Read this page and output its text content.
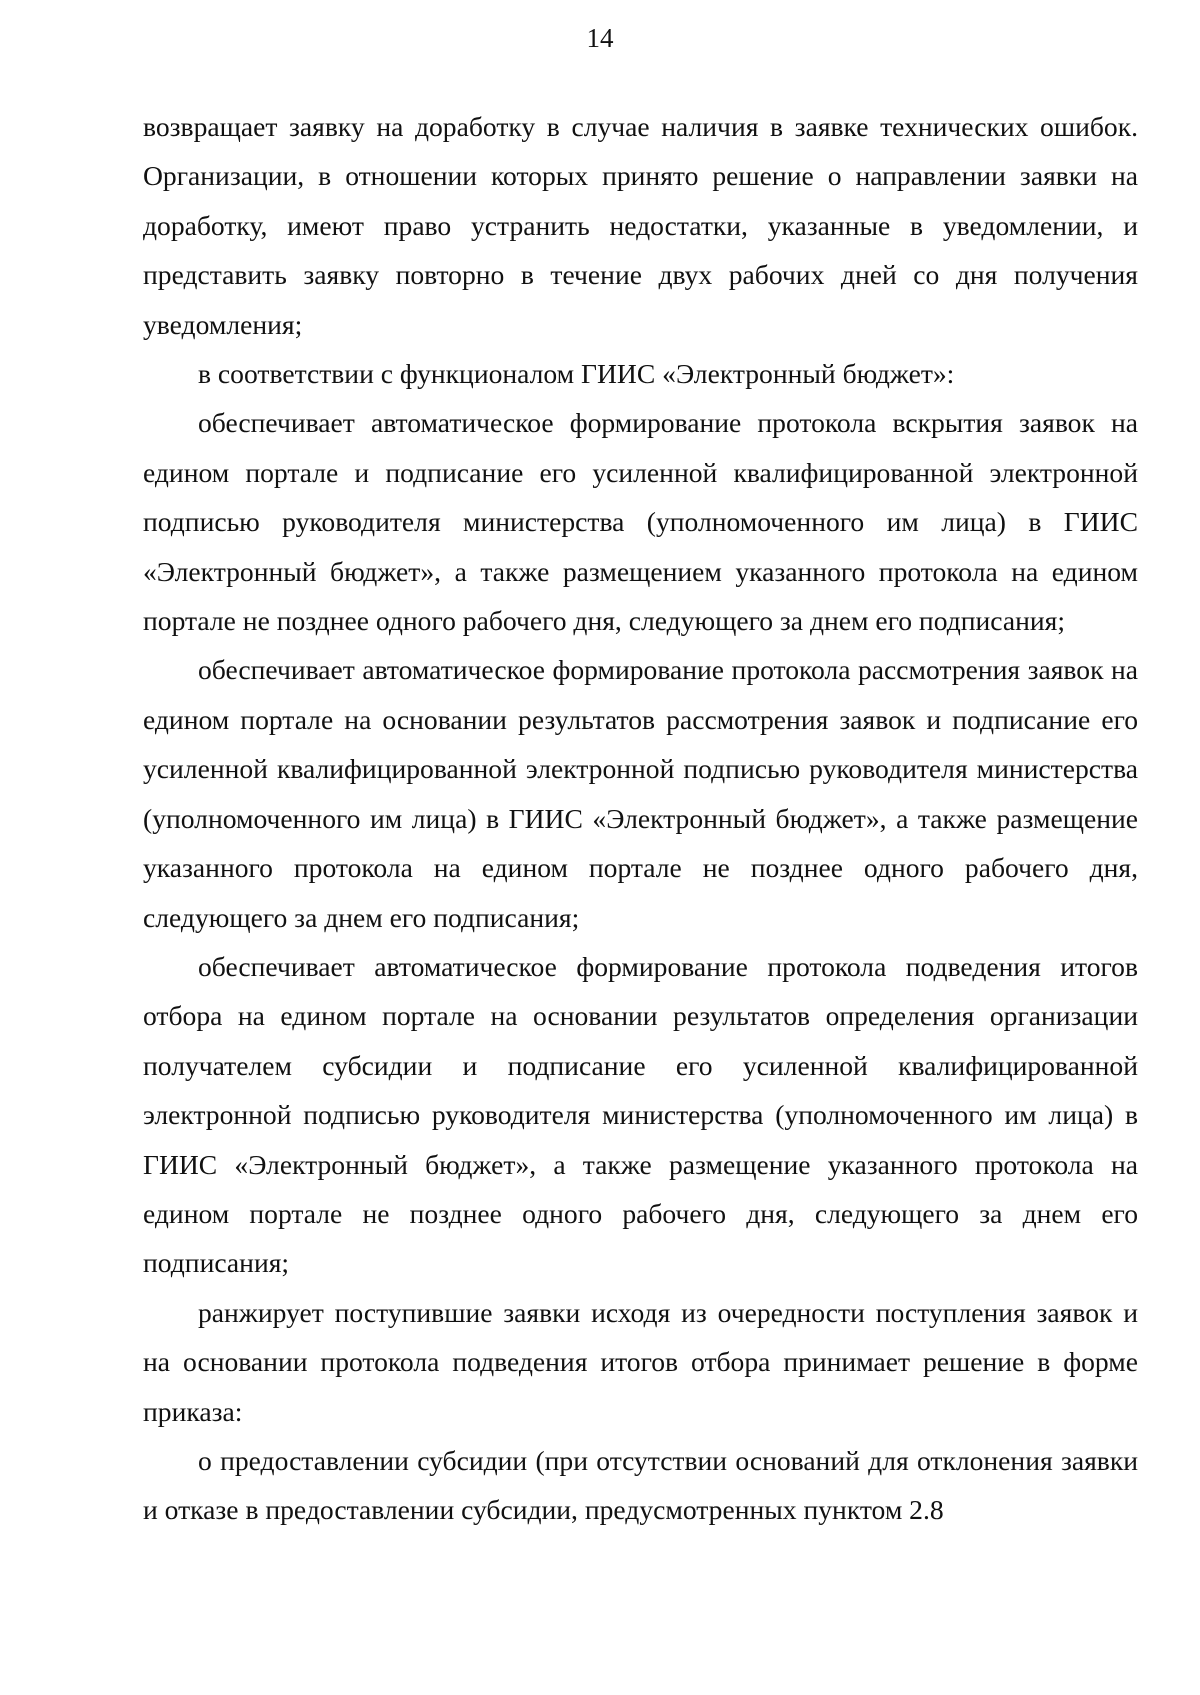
14

возвращает заявку на доработку в случае наличия в заявке технических ошибок. Организации, в отношении которых принято решение о направлении заявки на доработку, имеют право устранить недостатки, указанные в уведомлении, и представить заявку повторно в течение двух рабочих дней со дня получения уведомления;

в соответствии с функционалом ГИИС «Электронный бюджет»:

обеспечивает автоматическое формирование протокола вскрытия заявок на едином портале и подписание его усиленной квалифицированной электронной подписью руководителя министерства (уполномоченного им лица) в ГИИС «Электронный бюджет», а также размещением указанного протокола на едином портале не позднее одного рабочего дня, следующего за днем его подписания;

обеспечивает автоматическое формирование протокола рассмотрения заявок на едином портале на основании результатов рассмотрения заявок и подписание его усиленной квалифицированной электронной подписью руководителя министерства (уполномоченного им лица) в ГИИС «Электронный бюджет», а также размещение указанного протокола на едином портале не позднее одного рабочего дня, следующего за днем его подписания;

обеспечивает автоматическое формирование протокола подведения итогов отбора на едином портале на основании результатов определения организации получателем субсидии и подписание его усиленной квалифицированной электронной подписью руководителя министерства (уполномоченного им лица) в ГИИС «Электронный бюджет», а также размещение указанного протокола на едином портале не позднее одного рабочего дня, следующего за днем его подписания;

ранжирует поступившие заявки исходя из очередности поступления заявок и на основании протокола подведения итогов отбора принимает решение в форме приказа:

о предоставлении субсидии (при отсутствии оснований для отклонения заявки и отказе в предоставлении субсидии, предусмотренных пунктом 2.8
